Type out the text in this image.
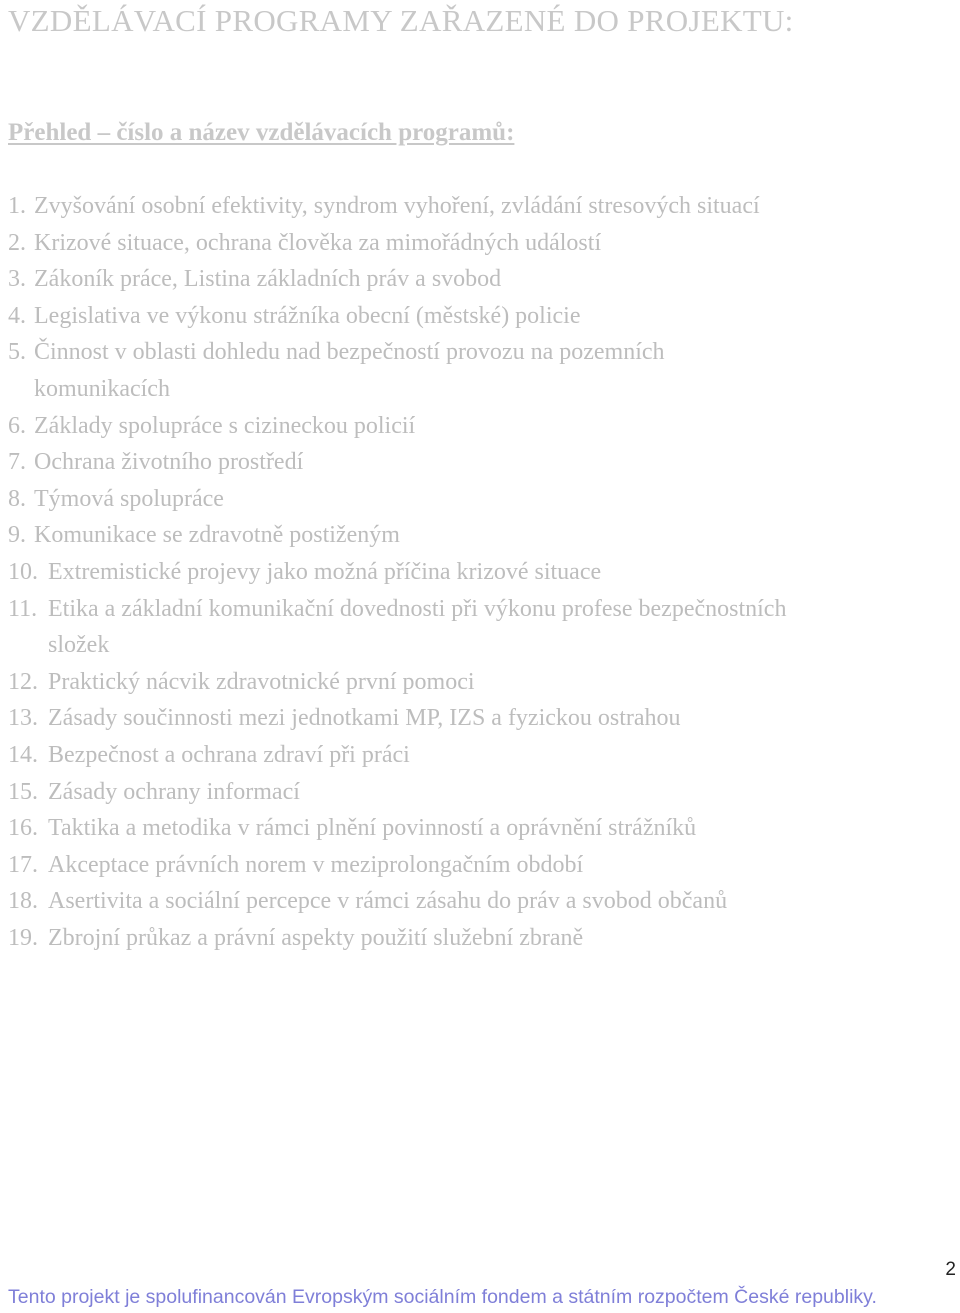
VZDĚLÁVACÍ PROGRAMY ZAŘAZENÉ DO PROJEKTU:
Přehled – číslo a název vzdělávacích programů:
1. Zvyšování osobní efektivity, syndrom vyhoření, zvládání stresových situací
2. Krizové situace, ochrana člověka za mimořádných událostí
3. Zákoník práce, Listina základních práv a svobod
4. Legislativa ve výkonu strážníka obecní (městské) policie
5. Činnost v oblasti dohledu nad bezpečností provozu na pozemních
komunikacích
6. Základy spolupráce s cizineckou policií
7. Ochrana životního prostředí
8. Týmová spolupráce
9. Komunikace se zdravotně postiženým
10. Extremistické projevy jako možná příčina krizové situace
11. Etika a základní komunikační dovednosti při výkonu profese bezpečnostních
složek
12. Praktický nácvik zdravotnické první pomoci
13. Zásady součinnosti mezi jednotkami MP, IZS a fyzickou ostrahou
14. Bezpečnost a ochrana zdraví při práci
15. Zásady ochrany informací
16. Taktika a metodika v rámci plnění povinností a oprávnění strážníků
17. Akceptace právních norem v meziprolongačním období
18. Asertivita a sociální percepce v rámci zásahu do práv a svobod občanů
19. Zbrojní průkaz a právní aspekty použití služební zbraně
Tento projekt je spolufinancován Evropským sociálním fondem a státním rozpočtem České republiky.
2
